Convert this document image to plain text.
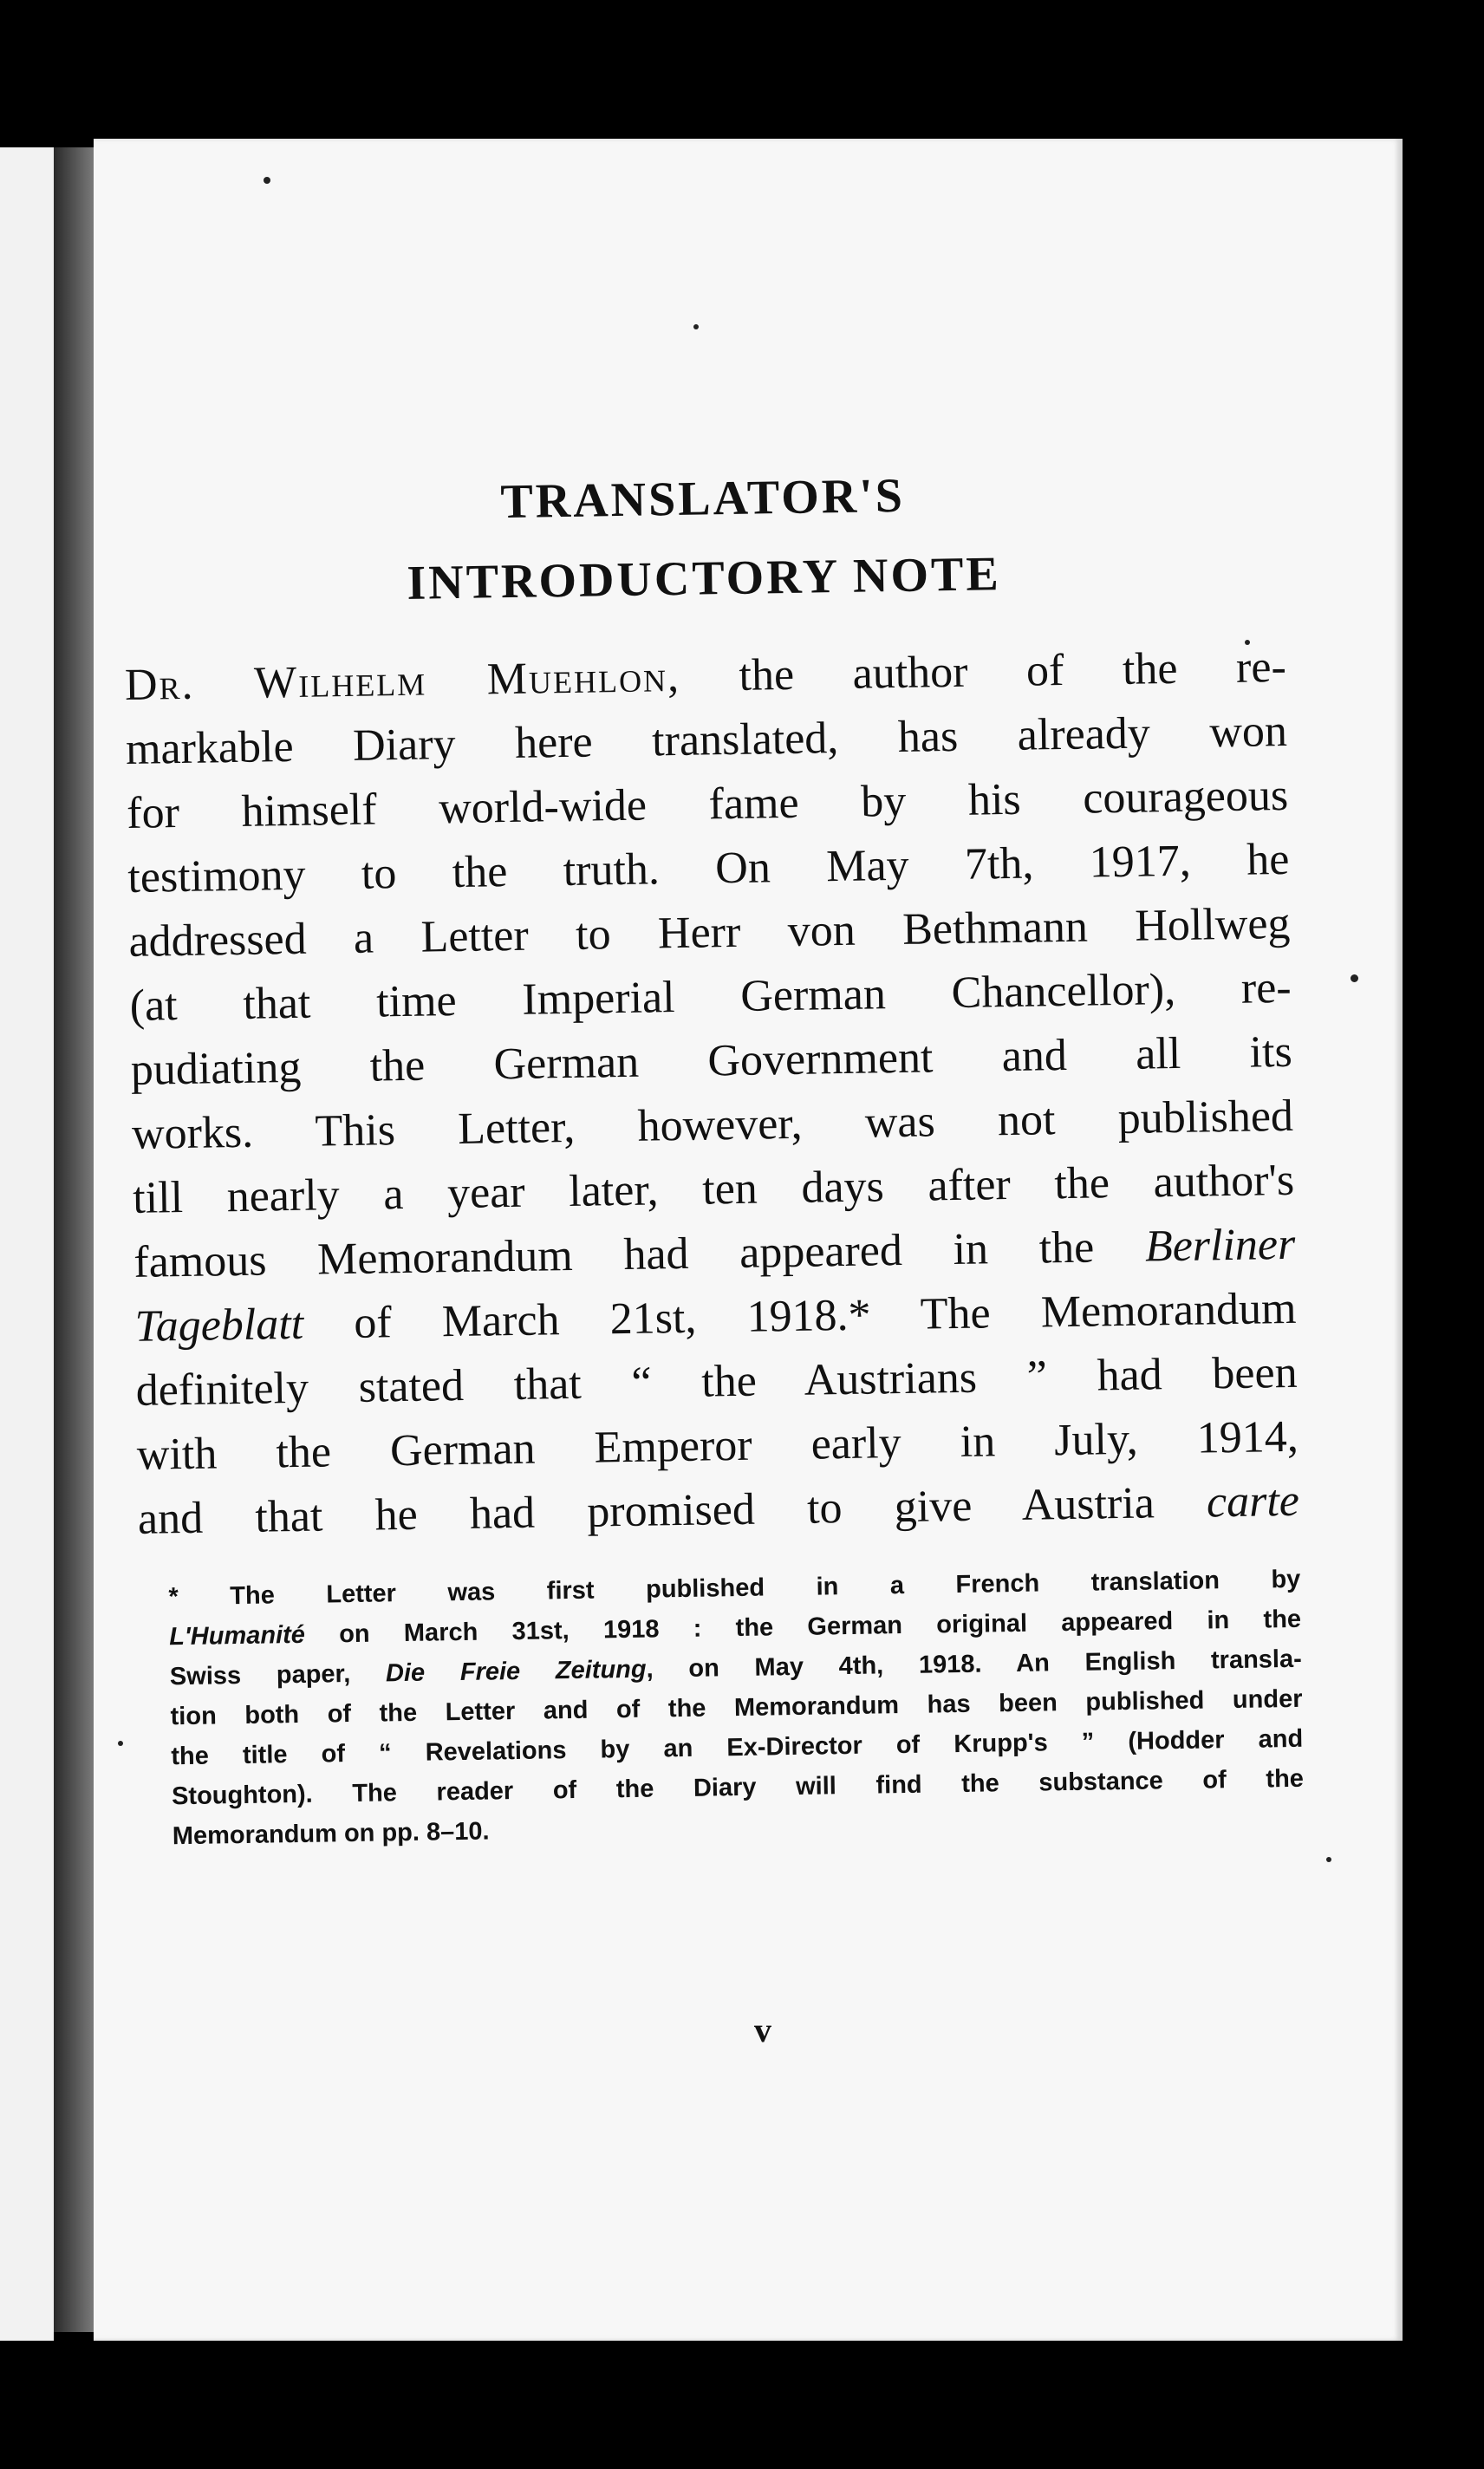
TRANSLATOR'S
INTRODUCTORY NOTE
Dr. Wilhelm Muehlon, the author of the re-
markable Diary here translated, has already won
for himself world-wide fame by his courageous
testimony to the truth. On May 7th, 1917, he
addressed a Letter to Herr von Bethmann Hollweg
(at that time Imperial German Chancellor), re-
pudiating the German Government and all its
works. This Letter, however, was not published
till nearly a year later, ten days after the author's
famous Memorandum had appeared in the Berliner
Tageblatt of March 21st, 1918.* The Memorandum
definitely stated that “ the Austrians ” had been
with the German Emperor early in July, 1914,
and that he had promised to give Austria carte
* The Letter was first published in a French translation by
L'Humanité on March 31st, 1918 : the German original appeared in the
Swiss paper, Die Freie Zeitung, on May 4th, 1918. An English transla-
tion both of the Letter and of the Memorandum has been published under
the title of “ Revelations by an Ex-Director of Krupp's ” (Hodder and
Stoughton). The reader of the Diary will find the substance of the
Memorandum on pp. 8–10.
v
